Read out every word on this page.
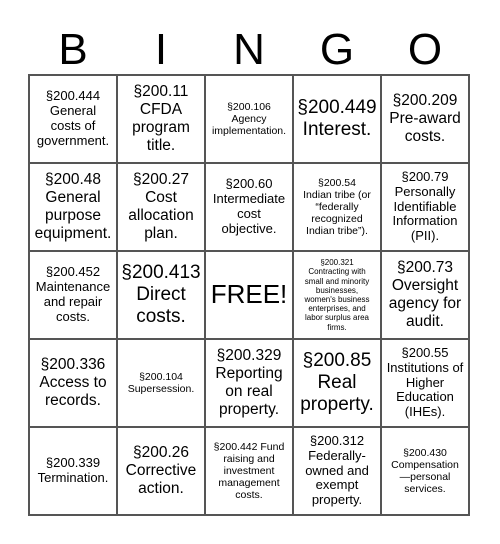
B	I	N	G	O
§200.444
General
costs of
government.
§200.11
CFDA
program
title.
§200.106
Agency
implementation.
§200.449
Interest.
§200.209
Pre-award
costs.
§200.48
General
purpose
equipment.
§200.27
Cost
allocation
plan.
§200.60
Intermediate
cost
objective.
§200.54
Indian tribe (or
“federally
recognized
Indian tribe”).
§200.79
Personally
Identifiable
Information
(PII).
§200.452
Maintenance
and repair
costs.
§200.413
Direct
costs.
FREE!
§200.321
Contracting with
small and minority
businesses,
women's business
enterprises, and
labor surplus area
firms.
§200.73
Oversight
agency for
audit.
§200.336
Access to
records.
§200.104
Supersession.
§200.329
Reporting
on real
property.
§200.85
Real
property.
§200.55
Institutions of
Higher
Education
(IHEs).
§200.339
Termination.
§200.26
Corrective
action.
§200.442 Fund
raising and
investment
management
costs.
§200.312
Federally-
owned and
exempt
property.
§200.430
Compensation
—personal
services.
